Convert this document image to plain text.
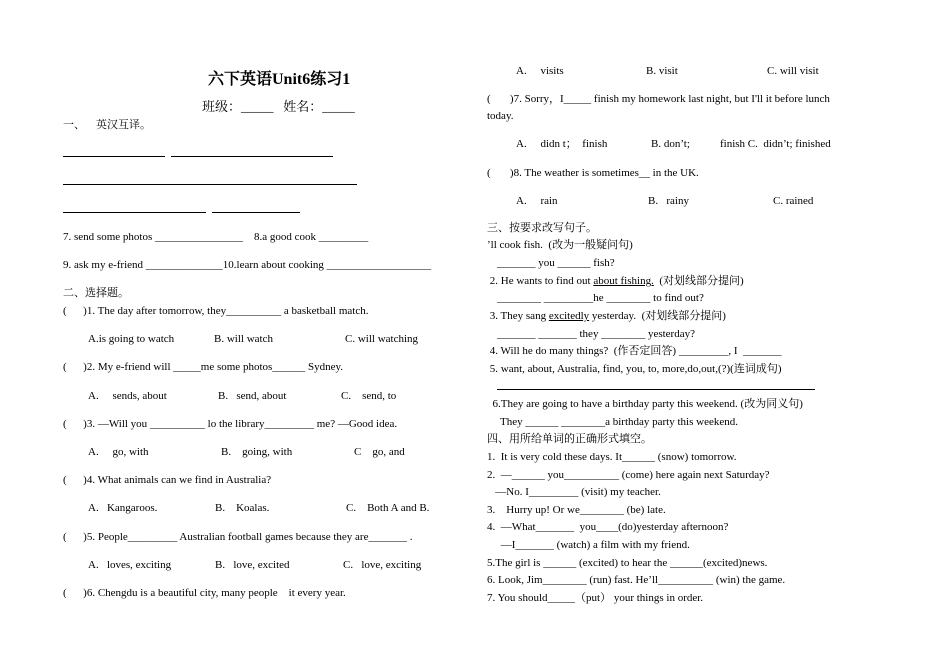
六下英语Unit6练习1
班级：_____ 姓名：_____
一、    英汉互译。
7. send some photos ________________    8.a good cook _________
9. ask my e-friend ______________10.learn about cooking ___________________
二、选择题。
(      )1. The day after tomorrow, they__________ a basketball match.
A.is going to watch	B. will watch	C. will watching
(      )2. My e-friend will _____me some photos______ Sydney.
A.     sends, about	B.   send, about	C.    send, to
(      )3. —Will you __________ lo the library_________ me? —Good idea.
A.     go, with	B.    going, with	C    go, and
(      )4. What animals can we find in Australia?
A.   Kangaroos.	B.    Koalas.	C.    Both A and B.
(      )5. People_________ Australian football games because they are_______ .
A.   loves, exciting	B.   love, excited	C.   love, exciting
(      )6. Chengdu is a beautiful city, many people    it every year.
A.     visits	B. visit	C. will visit
(       )7. Sorry，I_____ finish my homework last night, but I'll it before lunch
today.
A.     didn t；  finish	B. don’t;	finish C.  didn’t; finished
(       )8. The weather is sometimes__ in the UK.
A.     rain	B.   rainy	C. rained
三、按要求改写句子。
’ll cook fish.  (改为一般疑问句)
_______ you ______ fish?
2. He wants to find out about fishing.  (对划线部分提问)
________ _________he ________ to find out?
3. They sang excitedly yesterday.  (对划线部分提问)
_______ _______ they ________ yesterday?
4. Will he do many things?  (作否定回答) _________, I  _______
5. want, about, Australia, find, you, to, more,do,out,(?)(连词成句)
6.They are going to have a birthday party this weekend. (改为同义句)
They ______ ________a birthday party this weekend.
四、用所给单词的正确形式填空。
1.  It is very cold these days. It______ (snow) tomorrow.
2.  —______ you__________ (come) here again next Saturday?
—No. I_________ (visit) my teacher.
3.    Hurry up! Or we________ (be) late.
4.  —What_______  you____(do)yesterday afternoon?
—I_______ (watch) a film with my friend.
5.The girl is ______ (excited) to hear the ______(excited)news.
6. Look, Jim________ (run) fast. He’ll__________ (win) the game.
7. You should_____（put） your things in order.
